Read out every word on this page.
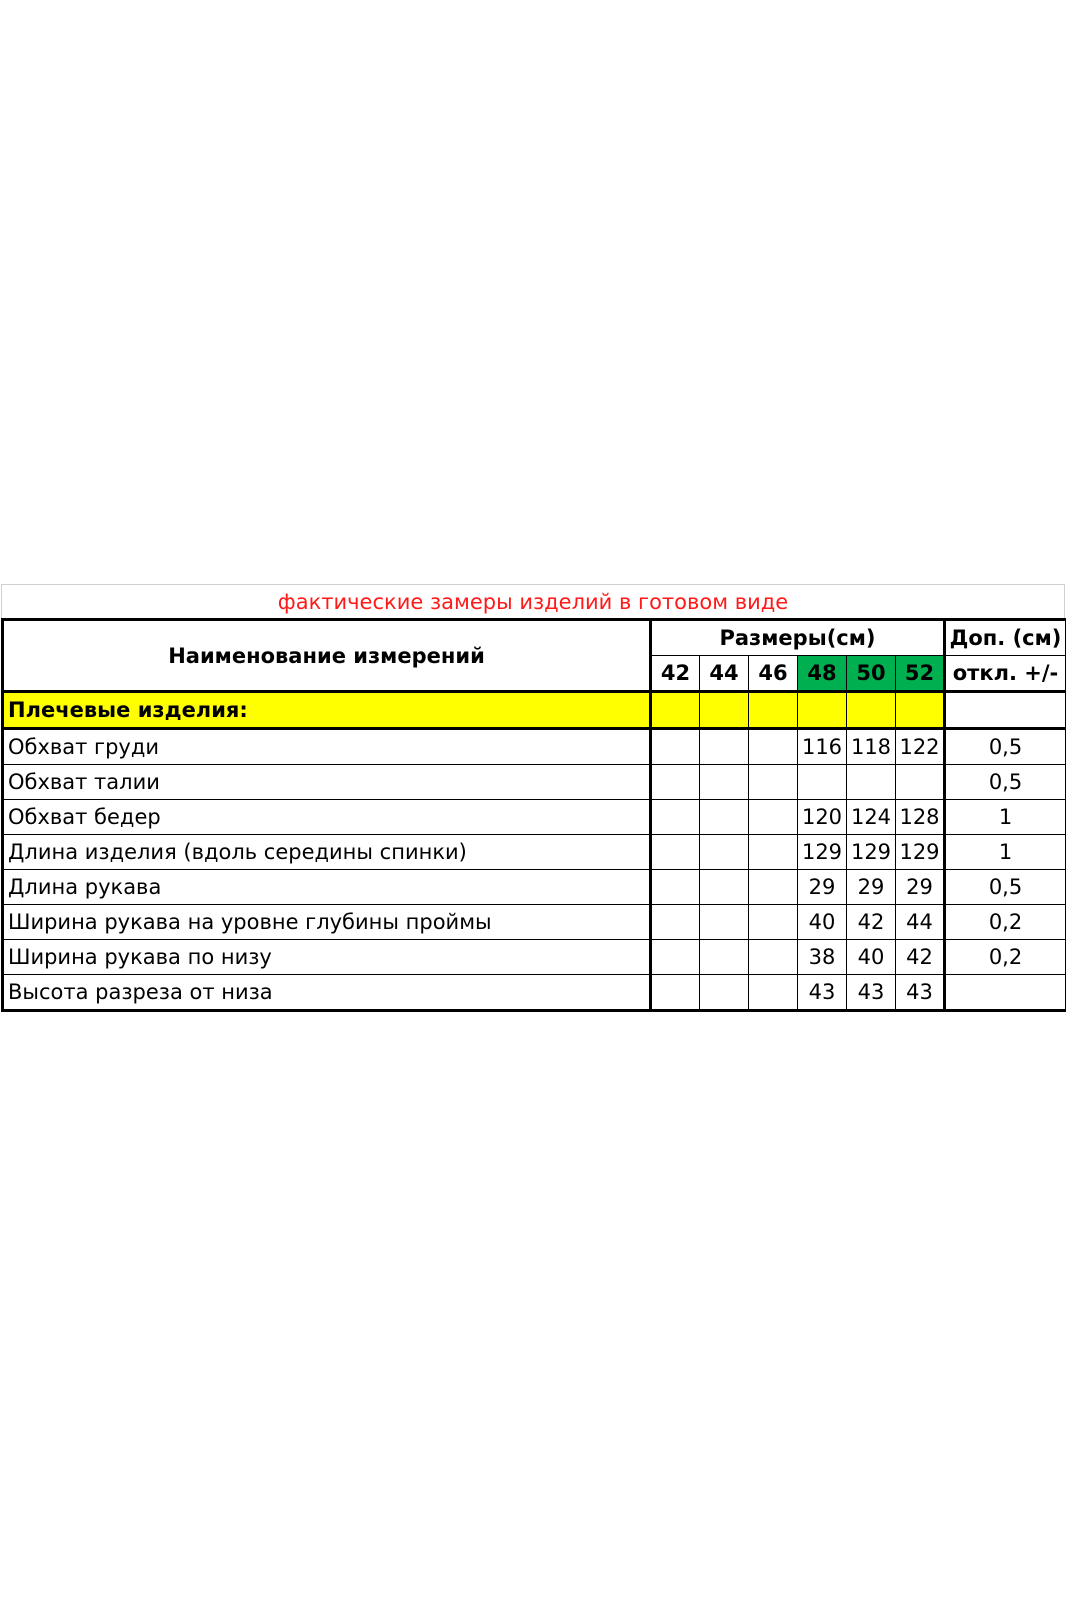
фактические замеры изделий в готовом виде
Наименование измерений	Размеры(см)						Доп. (см)
	42	44	46	48	50	52	откл. +/-
Плечевые изделия:							
Обхват груди				116	118	122	0,5
Обхват талии							0,5
Обхват бедер				120	124	128	1
Длина изделия (вдоль середины спинки)				129	129	129	1
Длина рукава				29	29	29	0,5
Ширина рукава на уровне глубины проймы				40	42	44	0,2
Ширина рукава по низу				38	40	42	0,2
Высота разреза от низа				43	43	43	
